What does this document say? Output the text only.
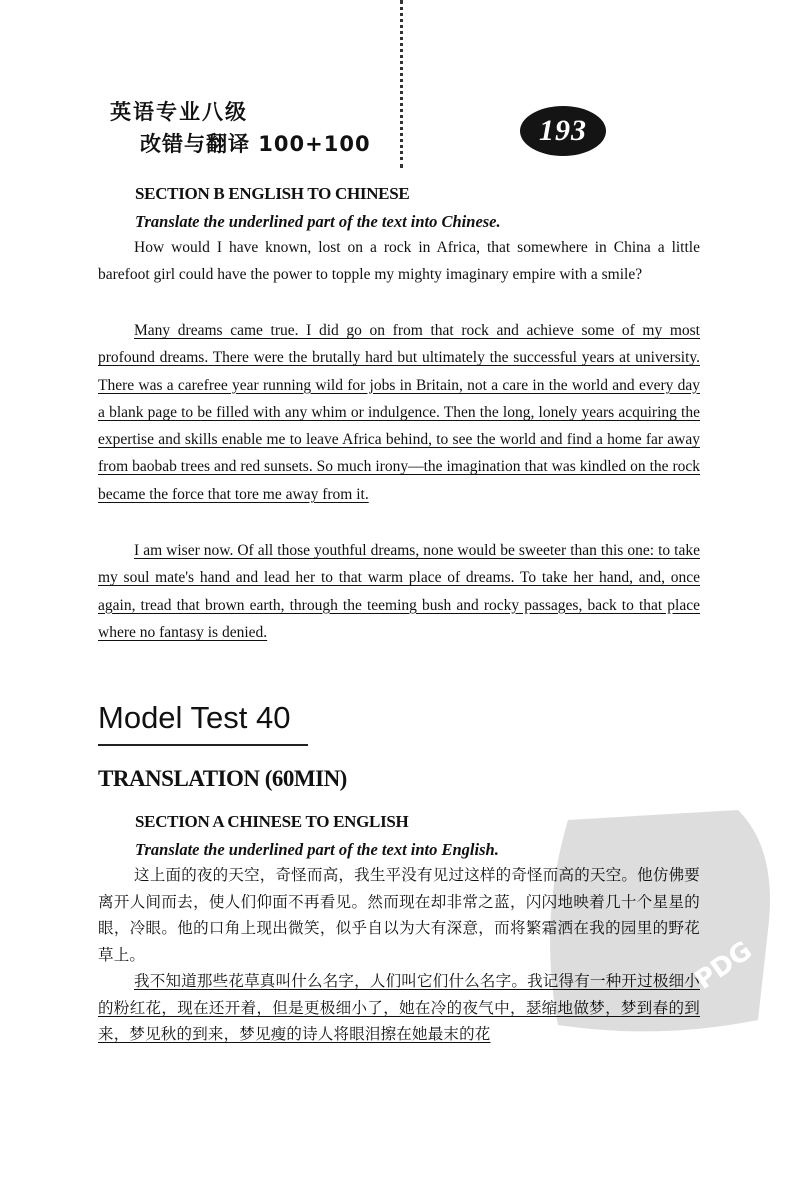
英语专业八级
改错与翻译 100+100	193
SECTION B ENGLISH TO CHINESE
Translate the underlined part of the text into Chinese.

How would I have known, lost on a rock in Africa, that somewhere in China a little barefoot girl could have the power to topple my mighty imaginary empire with a smile?

Many dreams came true. I did go on from that rock and achieve some of my most profound dreams. There were the brutally hard but ultimately the successful years at university. There was a carefree year running wild for jobs in Britain, not a care in the world and every day a blank page to be filled with any whim or indulgence. Then the long, lonely years acquiring the expertise and skills enable me to leave Africa behind, to see the world and find a home far away from baobab trees and red sunsets. So much irony—the imagination that was kindled on the rock became the force that tore me away from it.

I am wiser now. Of all those youthful dreams, none would be sweeter than this one: to take my soul mate's hand and lead her to that warm place of dreams. To take her hand, and, once again, tread that brown earth, through the teeming bush and rocky passages, back to that place where no fantasy is denied.

Model Test 40
TRANSLATION (60MIN)
SECTION A CHINESE TO ENGLISH
Translate the underlined part of the text into English.

这上面的夜的天空，奇怪而高，我生平没有见过这样的奇怪而高的天空。他仿佛要离开人间而去，使人们仰面不再看见。然而现在却非常之蓝，闪闪地映着几十个星星的眼，冷眼。他的口角上现出微笑，似乎自以为大有深意，而将繁霜洒在我的园里的野花草上。

我不知道那些花草真叫什么名字，人们叫它们什么名字。我记得有一种开过极细小的粉红花，现在还开着，但是更极细小了，她在冷的夜气中，瑟缩地做梦，梦到春的到来，梦见秋的到来，梦见瘦的诗人将眼泪擦在她最末的花

PDG
